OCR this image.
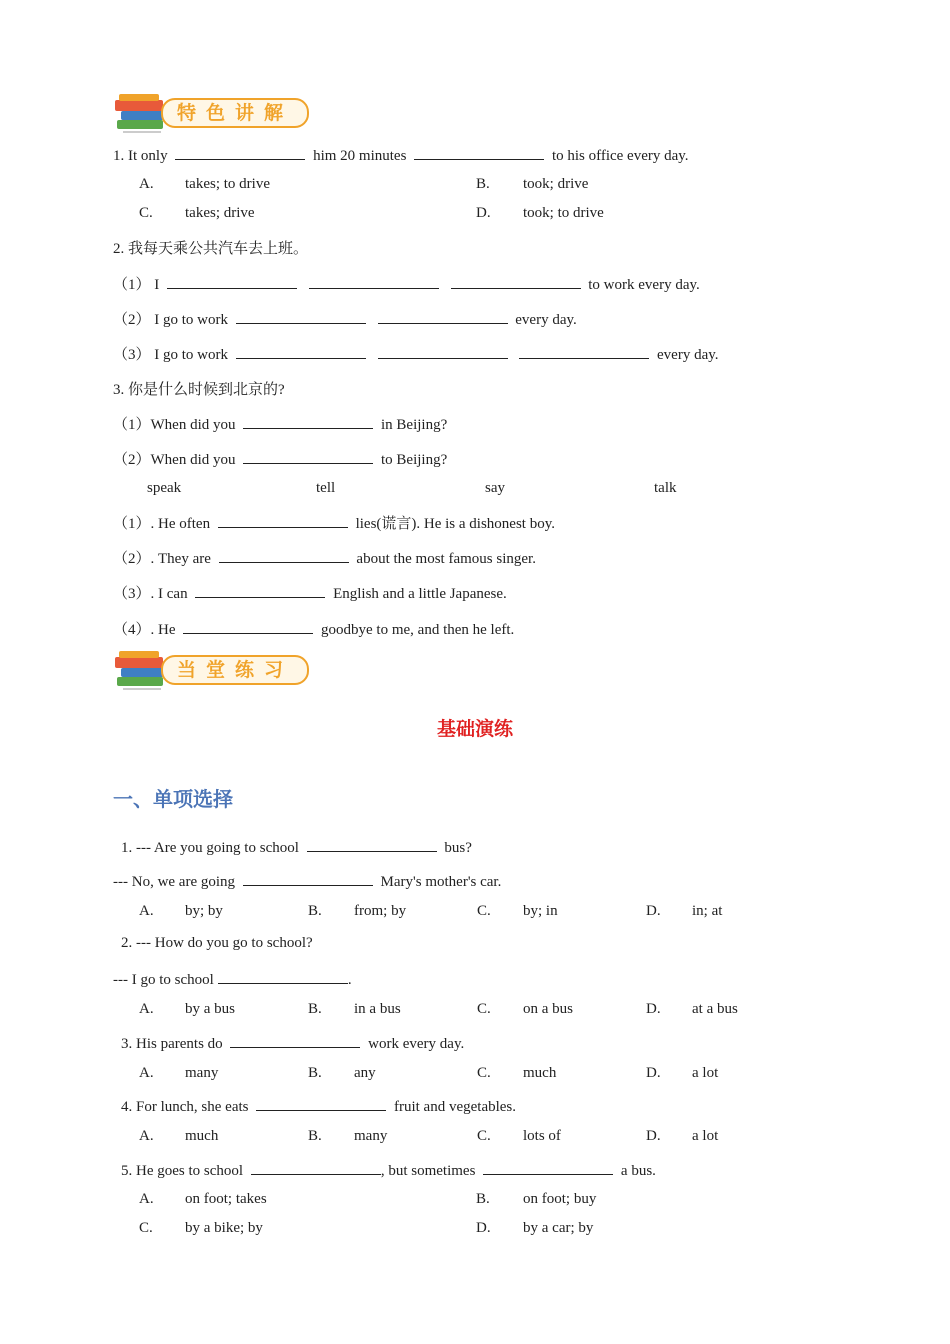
特色讲解
1. It only	him 20 minutes	to his office every day.
A. takes; to drive	B. took; drive
C. takes; drive	D. took; to drive
2. 我每天乘公共汽车去上班。
（1） I	to work every day.
（2） I go to work	every day.
（3） I go to work	every day.
3. 你是什么时候到北京的?
（1）When did you	in Beijing?
（2）When did you	to Beijing?
speak	tell	say	talk
（1）. He often	lies(谎言). He is a dishonest boy.
（2）. They are	about the most famous singer.
（3）. I can	English and a little Japanese.
（4）. He	goodbye to me, and then he left.
当堂练习
基础演练
一、单项选择
1. --- Are you going to school	bus?
--- No, we are going	Mary's mother's car.
A. by; by	B. from; by	C. by; in	D. in; at
2. --- How do you go to school?
--- I go to school	.
A. by a bus	B. in a bus	C. on a bus	D. at a bus
3. His parents do	work every day.
A. many	B. any	C. much	D. a lot
4. For lunch, she eats	fruit and vegetables.
A. much	B. many	C. lots of	D. a lot
5. He goes to school	, but sometimes	a bus.
A. on foot; takes	B. on foot; buy
C. by a bike; by	D. by a car; by
